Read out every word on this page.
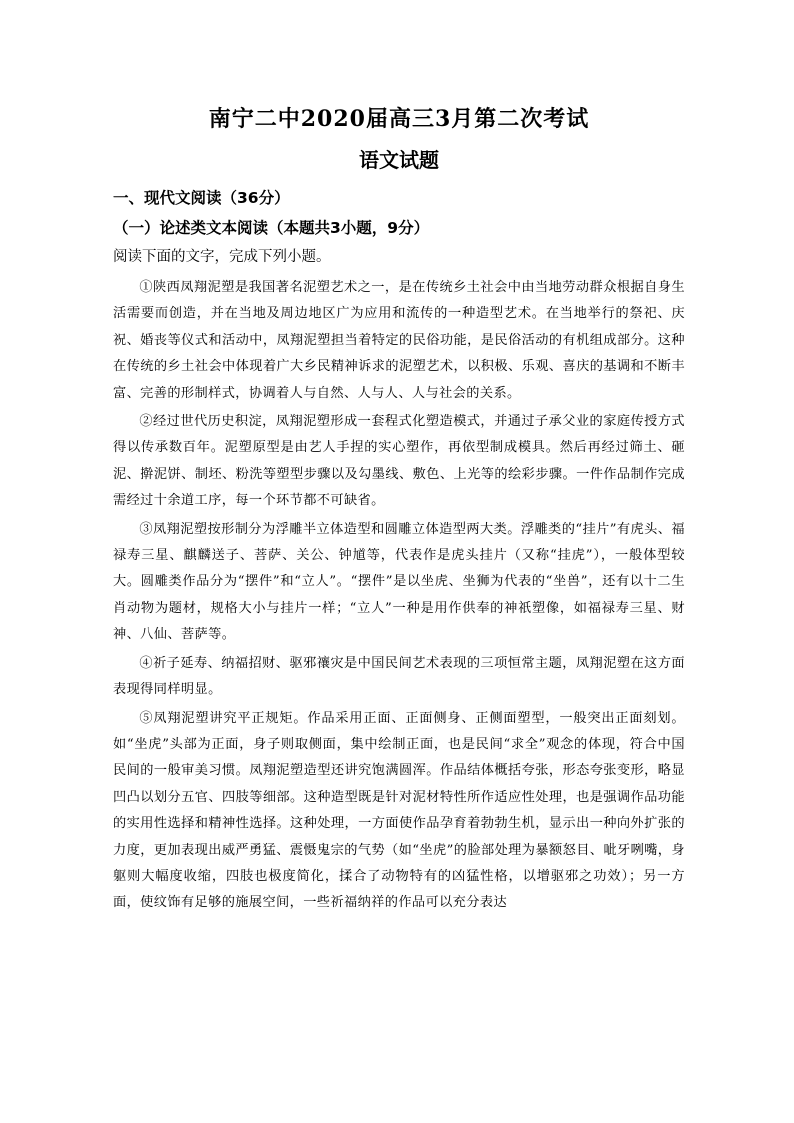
南宁二中2020届高三3月第二次考试
语文试题
一、现代文阅读（36分）
（一）论述类文本阅读（本题共3小题，9分）
阅读下面的文字，完成下列小题。

①陕西凤翔泥塑是我国著名泥塑艺术之一，是在传统乡土社会中由当地劳动群众根据自身生活需要而创造，并在当地及周边地区广为应用和流传的一种造型艺术。在当地举行的祭祀、庆祝、婚丧等仪式和活动中，凤翔泥塑担当着特定的民俗功能，是民俗活动的有机组成部分。这种在传统的乡土社会中体现着广大乡民精神诉求的泥塑艺术，以积极、乐观、喜庆的基调和不断丰富、完善的形制样式，协调着人与自然、人与人、人与社会的关系。

②经过世代历史积淀，凤翔泥塑形成一套程式化塑造模式，并通过子承父业的家庭传授方式得以传承数百年。泥塑原型是由艺人手捏的实心塑作，再依型制成模具。然后再经过筛土、砸泥、擀泥饼、制坯、粉洗等塑型步骤以及勾墨线、敷色、上光等的绘彩步骤。一件作品制作完成需经过十余道工序，每一个环节都不可缺省。

③凤翔泥塑按形制分为浮雕半立体造型和圆雕立体造型两大类。浮雕类的“挂片”有虎头、福禄寿三星、麒麟送子、菩萨、关公、钟馗等，代表作是虎头挂片（又称“挂虎”），一般体型较大。圆雕类作品分为“摆件”和“立人”。“摆件”是以坐虎、坐狮为代表的“坐兽”，还有以十二生肖动物为题材，规格大小与挂片一样；“立人”一种是用作供奉的神祇塑像，如福禄寿三星、财神、八仙、菩萨等。

④祈子延寿、纳福招财、驱邪禳灾是中国民间艺术表现的三项恒常主题，凤翔泥塑在这方面表现得同样明显。

⑤凤翔泥塑讲究平正规矩。作品采用正面、正面侧身、正侧面塑型，一般突出正面刻划。如“坐虎”头部为正面，身子则取侧面，集中绘制正面，也是民间“求全”观念的体现，符合中国民间的一般审美习惯。凤翔泥塑造型还讲究饱满圆浑。作品结体概括夸张，形态夸张变形，略显凹凸以划分五官、四肢等细部。这种造型既是针对泥材特性所作适应性处理，也是强调作品功能的实用性选择和精神性选择。这种处理，一方面使作品孕育着勃勃生机，显示出一种向外扩张的力度，更加表现出威严勇猛、震慑鬼宗的气势（如“坐虎”的脸部处理为暴额怒目、呲牙咧嘴，身躯则大幅度收缩，四肢也极度简化，揉合了动物特有的凶猛性格，以增驱邪之功效）；另一方面，使纹饰有足够的施展空间，一些祈福纳祥的作品可以充分表达
